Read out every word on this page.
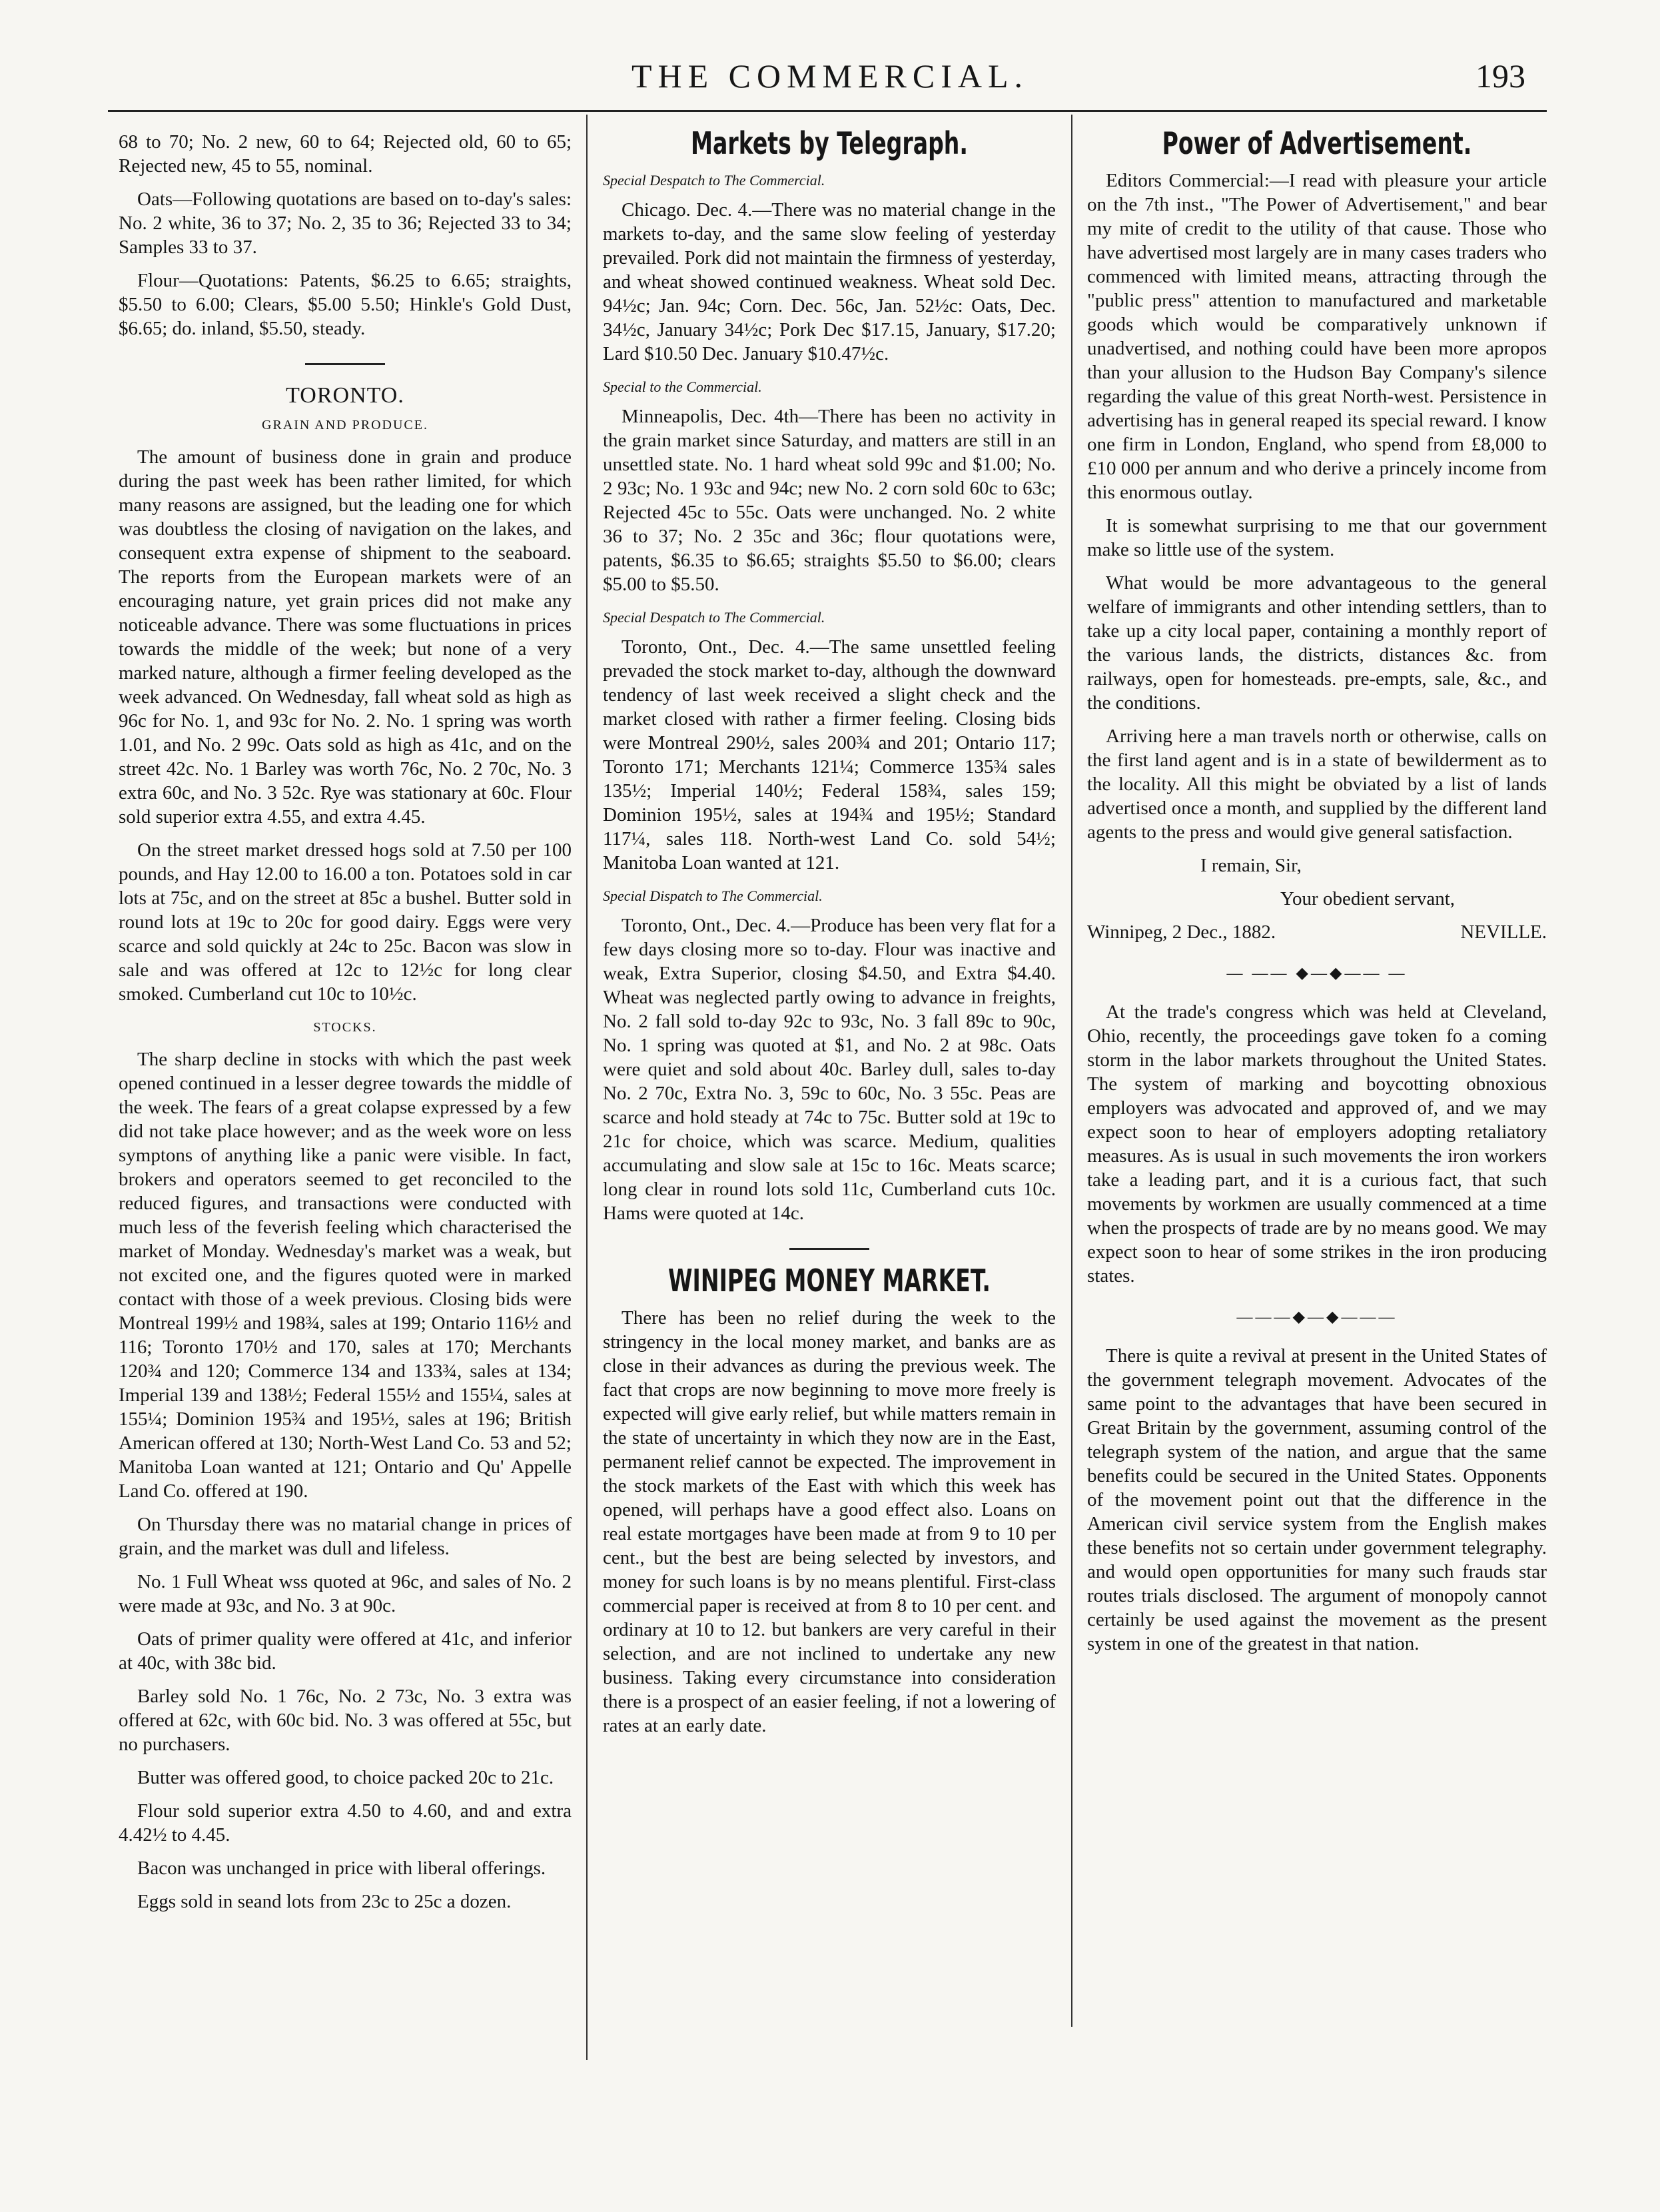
THE COMMERCIAL.	193

68 to 70; No. 2 new, 60 to 64; Rejected old, 60 to 65; Rejected new, 45 to 55, nominal.

Oats—Following quotations are based on to-day's sales: No. 2 white, 36 to 37; No. 2, 35 to 36; Rejected 33 to 34; Samples 33 to 37.

Flour—Quotations: Patents, $6.25 to 6.65; straights, $5.50 to 6.00; Clears, $5.00 5.50; Hinkle's Gold Dust, $6.65; do. inland, $5.50, steady.

TORONTO.
GRAIN AND PRODUCE.

The amount of business done in grain and produce during the past week has been rather limited, for which many reasons are assigned, but the leading one for which was doubtless the closing of navigation on the lakes, and consequent extra expense of shipment to the seaboard. The reports from the European markets were of an encouraging nature, yet grain prices did not make any noticeable advance. There was some fluctuations in prices towards the middle of the week; but none of a very marked nature, although a firmer feeling developed as the week advanced. On Wednesday, fall wheat sold as high as 96c for No. 1, and 93c for No. 2. No. 1 spring was worth 1.01, and No. 2 99c. Oats sold as high as 41c, and on the street 42c. No. 1 Barley was worth 76c, No. 2 70c, No. 3 extra 60c, and No. 3 52c. Rye was stationary at 60c. Flour sold superior extra 4.55, and extra 4.45.

On the street market dressed hogs sold at 7.50 per 100 pounds, and Hay 12.00 to 16.00 a ton. Potatoes sold in car lots at 75c, and on the street at 85c a bushel. Butter sold in round lots at 19c to 20c for good dairy. Eggs were very scarce and sold quickly at 24c to 25c. Bacon was slow in sale and was offered at 12c to 12½c for long clear smoked. Cumberland cut 10c to 10½c.

STOCKS.

The sharp decline in stocks with which the past week opened continued in a lesser degree towards the middle of the week. The fears of a great colapse expressed by a few did not take place however; and as the week wore on less symptons of anything like a panic were visible. In fact, brokers and operators seemed to get reconciled to the reduced figures, and transactions were conducted with much less of the feverish feeling which characterised the market of Monday. Wednesday's market was a weak, but not excited one, and the figures quoted were in marked contact with those of a week previous. Closing bids were Montreal 199½ and 198¾, sales at 199; Ontario 116½ and 116; Toronto 170½ and 170, sales at 170; Merchants 120¾ and 120; Commerce 134 and 133¾, sales at 134; Imperial 139 and 138½; Federal 155½ and 155¼, sales at 155¼; Dominion 195¾ and 195½, sales at 196; British American offered at 130; North-West Land Co. 53 and 52; Manitoba Loan wanted at 121; Ontario and Qu' Appelle Land Co. offered at 190.

On Thursday there was no matarial change in prices of grain, and the market was dull and lifeless.

No. 1 Full Wheat wss quoted at 96c, and sales of No. 2 were made at 93c, and No. 3 at 90c.

Oats of primer quality were offered at 41c, and inferior at 40c, with 38c bid.

Barley sold No. 1 76c, No. 2 73c, No. 3 extra was offered at 62c, with 60c bid. No. 3 was offered at 55c, but no purchasers.

Butter was offered good, to choice packed 20c to 21c.

Flour sold superior extra 4.50 to 4.60, and and extra 4.42½ to 4.45.

Bacon was unchanged in price with liberal offerings.

Eggs sold in seand lots from 23c to 25c a dozen.

Markets by Telegraph.
Special Despatch to The Commercial.

Chicago. Dec. 4.—There was no material change in the markets to-day, and the same slow feeling of yesterday prevailed. Pork did not maintain the firmness of yesterday, and wheat showed continued weakness. Wheat sold Dec. 94½c; Jan. 94c; Corn. Dec. 56c, Jan. 52½c: Oats, Dec. 34½c, January 34½c; Pork Dec $17.15, January, $17.20; Lard $10.50 Dec. January $10.47½c.

Special to the Commercial.

Minneapolis, Dec. 4th—There has been no activity in the grain market since Saturday, and matters are still in an unsettled state. No. 1 hard wheat sold 99c and $1.00; No. 2 93c; No. 1 93c and 94c; new No. 2 corn sold 60c to 63c; Rejected 45c to 55c. Oats were unchanged. No. 2 white 36 to 37; No. 2 35c and 36c; flour quotations were, patents, $6.35 to $6.65; straights $5.50 to $6.00; clears $5.00 to $5.50.

Special Despatch to The Commercial.

Toronto, Ont., Dec. 4.—The same unsettled feeling prevaded the stock market to-day, although the downward tendency of last week received a slight check and the market closed with rather a firmer feeling. Closing bids were Montreal 290½, sales 200¾ and 201; Ontario 117; Toronto 171; Merchants 121¼; Commerce 135¾ sales 135½; Imperial 140½; Federal 158¾, sales 159; Dominion 195½, sales at 194¾ and 195½; Standard 117¼, sales 118. North-west Land Co. sold 54½; Manitoba Loan wanted at 121.

Special Dispatch to The Commercial.

Toronto, Ont., Dec. 4.—Produce has been very flat for a few days closing more so to-day. Flour was inactive and weak, Extra Superior, closing $4.50, and Extra $4.40. Wheat was neglected partly owing to advance in freights, No. 2 fall sold to-day 92c to 93c, No. 3 fall 89c to 90c, No. 1 spring was quoted at $1, and No. 2 at 98c. Oats were quiet and sold about 40c. Barley dull, sales to-day No. 2 70c, Extra No. 3, 59c to 60c, No. 3 55c. Peas are scarce and hold steady at 74c to 75c. Butter sold at 19c to 21c for choice, which was scarce. Medium, qualities accumulating and slow sale at 15c to 16c. Meats scarce; long clear in round lots sold 11c, Cumberland cuts 10c. Hams were quoted at 14c.

WINIPEG MONEY MARKET.

There has been no relief during the week to the stringency in the local money market, and banks are as close in their advances as during the previous week. The fact that crops are now beginning to move more freely is expected will give early relief, but while matters remain in the state of uncertainty in which they now are in the East, permanent relief cannot be expected. The improvement in the stock markets of the East with which this week has opened, will perhaps have a good effect also. Loans on real estate mortgages have been made at from 9 to 10 per cent., but the best are being selected by investors, and money for such loans is by no means plentiful. First-class commercial paper is received at from 8 to 10 per cent. and ordinary at 10 to 12. but bankers are very careful in their selection, and are not inclined to undertake any new business. Taking every circumstance into consideration there is a prospect of an easier feeling, if not a lowering of rates at an early date.

Power of Advertisement.

Editors Commercial:—I read with pleasure your article on the 7th inst., "The Power of Advertisement," and bear my mite of credit to the utility of that cause. Those who have advertised most largely are in many cases traders who commenced with limited means, attracting through the "public press" attention to manufactured and marketable goods which would be comparatively unknown if unadvertised, and nothing could have been more apropos than your allusion to the Hudson Bay Company's silence regarding the value of this great North-west. Persistence in advertising has in general reaped its special reward. I know one firm in London, England, who spend from £8,000 to £10 000 per annum and who derive a princely income from this enormous outlay.

It is somewhat surprising to me that our government make so little use of the system.

What would be more advantageous to the general welfare of immigrants and other intending settlers, than to take up a city local paper, containing a monthly report of the various lands, the districts, distances &c. from railways, open for homesteads. pre-empts, sale, &c., and the conditions.

Arriving here a man travels north or otherwise, calls on the first land agent and is in a state of bewilderment as to the locality. All this might be obviated by a list of lands advertised once a month, and supplied by the different land agents to the press and would give general satisfaction.

I remain, Sir,

Your obedient servant,

Winnipeg, 2 Dec., 1882.	NEVILLE.

— —— ◆—◆—— —

At the trade's congress which was held at Cleveland, Ohio, recently, the proceedings gave token fo a coming storm in the labor markets throughout the United States. The system of marking and boycotting obnoxious employers was advocated and approved of, and we may expect soon to hear of employers adopting retaliatory measures. As is usual in such movements the iron workers take a leading part, and it is a curious fact, that such movements by workmen are usually commenced at a time when the prospects of trade are by no means good. We may expect soon to hear of some strikes in the iron producing states.

———◆—◆———

There is quite a revival at present in the United States of the government telegraph movement. Advocates of the same point to the advantages that have been secured in Great Britain by the government, assuming control of the telegraph system of the nation, and argue that the same benefits could be secured in the United States. Opponents of the movement point out that the difference in the American civil service system from the English makes these benefits not so certain under government telegraphy. and would open opportunities for many such frauds star routes trials disclosed. The argument of monopoly cannot certainly be used against the movement as the present system in one of the greatest in that nation.
